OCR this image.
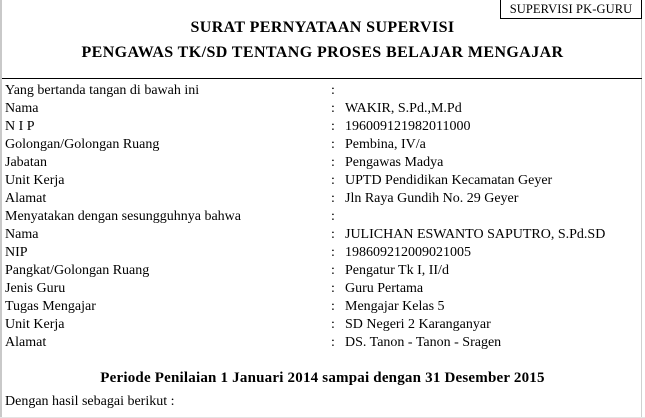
SUPERVISI PK-GURU
SURAT PERNYATAAN SUPERVISI
PENGAWAS TK/SD TENTANG PROSES BELAJAR MENGAJAR
Yang bertanda tangan di bawah ini	:
Nama	: WAKIR, S.Pd.,M.Pd
N I P	: 196009121982011000
Golongan/Golongan Ruang	: Pembina, IV/a
Jabatan	: Pengawas Madya
Unit Kerja	: UPTD Pendidikan Kecamatan Geyer
Alamat	: Jln Raya Gundih No. 29 Geyer
Menyatakan dengan sesungguhnya bahwa	:
Nama	: JULICHAN ESWANTO SAPUTRO, S.Pd.SD
NIP	: 198609212009021005
Pangkat/Golongan Ruang	: Pengatur Tk I, II/d
Jenis Guru	: Guru Pertama
Tugas Mengajar	: Mengajar Kelas 5
Unit Kerja	: SD Negeri 2 Karanganyar
Alamat	: DS. Tanon - Tanon - Sragen
Periode Penilaian 1 Januari 2014 sampai dengan 31 Desember 2015
Dengan hasil sebagai berikut :
